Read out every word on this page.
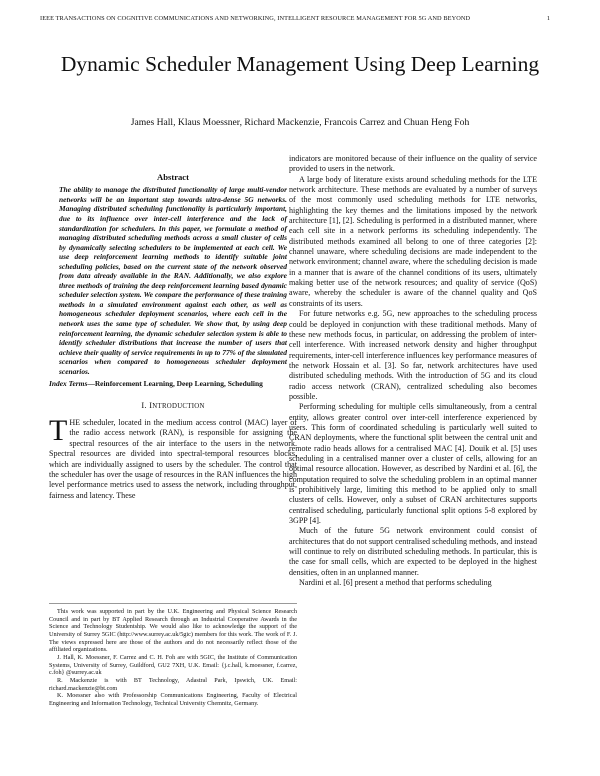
IEEE TRANSACTIONS ON COGNITIVE COMMUNICATIONS AND NETWORKING, INTELLIGENT RESOURCE MANAGEMENT FOR 5G AND BEYOND	1
Dynamic Scheduler Management Using Deep Learning
James Hall, Klaus Moessner, Richard Mackenzie, Francois Carrez and Chuan Heng Foh
Abstract
The ability to manage the distributed functionality of large multi-vendor networks will be an important step towards ultra-dense 5G networks. Managing distributed scheduling functionality is particularly important, due to its influence over inter-cell interference and the lack of standardization for schedulers. In this paper, we formulate a method of managing distributed scheduling methods across a small cluster of cells by dynamically selecting schedulers to be implemented at each cell. We use deep reinforcement learning methods to identify suitable joint scheduling policies, based on the current state of the network observed from data already available in the RAN. Additionally, we also explore three methods of training the deep reinforcement learning based dynamic scheduler selection system. We compare the performance of these training methods in a simulated environment against each other, as well as homogeneous scheduler deployment scenarios, where each cell in the network uses the same type of scheduler. We show that, by using deep reinforcement learning, the dynamic scheduler selection system is able to identify scheduler distributions that increase the number of users that achieve their quality of service requirements in up to 77% of the simulated scenarios when compared to homogeneous scheduler deployment scenarios.
Index Terms—Reinforcement Learning, Deep Learning, Scheduling
I. INTRODUCTION

THE scheduler, located in the medium access control (MAC) layer of the radio access network (RAN), is responsible for assigning the spectral resources of the air interface to the users in the network. Spectral resources are divided into spectral-temporal resources blocks, which are individually assigned to users by the scheduler. The control that the scheduler has over the usage of resources in the RAN influences the high level performance metrics used to assess the network, including throughput, fairness and latency. These

This work was supported in part by the U.K. Engineering and Physical Science Research Council and in part by BT Applied Research through an Industrial Cooperative Awards in the Science and Technology Studentship. We would also like to acknowledge the support of the University of Surrey 5GIC (http://www.surrey.ac.uk/5gic) members for this work. The work of F. J. The views expressed here are those of the authors and do not necessarily reflect those of the affiliated organizations.
J. Hall, K. Moessner, F. Carrez and C. H. Foh are with 5GIC, the Institute of Communication Systems, University of Surrey, Guildford, GU2 7XH, U.K. Email: {j.c.hall, k.moessner, f.carrez, c.foh} @surrey.ac.uk
R. Mackenzie is with BT Technology, Adastral Park, Ipswich, UK. Email: richard.mackenzie@bt.com
K. Moessner also with Professorship Communications Engineering, Faculty of Electrical Engineering and Information Technology, Technical University Chemnitz, Germany.

indicators are monitored because of their influence on the quality of service provided to users in the network.

A large body of literature exists around scheduling methods for the LTE network architecture. These methods are evaluated by a number of surveys of the most commonly used scheduling methods for LTE networks, highlighting the key themes and the limitations imposed by the network architecture [1], [2]. Scheduling is performed in a distributed manner, where each cell site in a network performs its scheduling independently. The distributed methods examined all belong to one of three categories [2]: channel unaware, where scheduling decisions are made independent to the network environment; channel aware, where the scheduling decision is made in a manner that is aware of the channel conditions of its users, ultimately making better use of the network resources; and quality of service (QoS) aware, whereby the scheduler is aware of the channel quality and QoS constraints of its users.

For future networks e.g. 5G, new approaches to the scheduling process could be deployed in conjunction with these traditional methods. Many of these new methods focus, in particular, on addressing the problem of inter-cell interference. With increased network density and higher throughput requirements, inter-cell interference influences key performance measures of the network Hossain et al. [3]. So far, network architectures have used distributed scheduling methods. With the introduction of 5G and its cloud radio access network (CRAN), centralized scheduling also becomes possible.

Performing scheduling for multiple cells simultaneously, from a central entity, allows greater control over inter-cell interference experienced by users. This form of coordinated scheduling is particularly well suited to CRAN deployments, where the functional split between the central unit and remote radio heads allows for a centralised MAC [4]. Douik et al. [5] uses scheduling in a centralised manner over a cluster of cells, allowing for an optimal resource allocation. However, as described by Nardini et al. [6], the computation required to solve the scheduling problem in an optimal manner is prohibitively large, limiting this method to be applied only to small clusters of cells. However, only a subset of CRAN architectures supports centralised scheduling, particularly functional split options 5-8 explored by 3GPP [4].

Much of the future 5G network environment could consist of architectures that do not support centralised scheduling methods, and instead will continue to rely on distributed scheduling methods. In particular, this is the case for small cells, which are expected to be deployed in the highest densities, often in an unplanned manner.

Nardini et al. [6] present a method that performs scheduling
